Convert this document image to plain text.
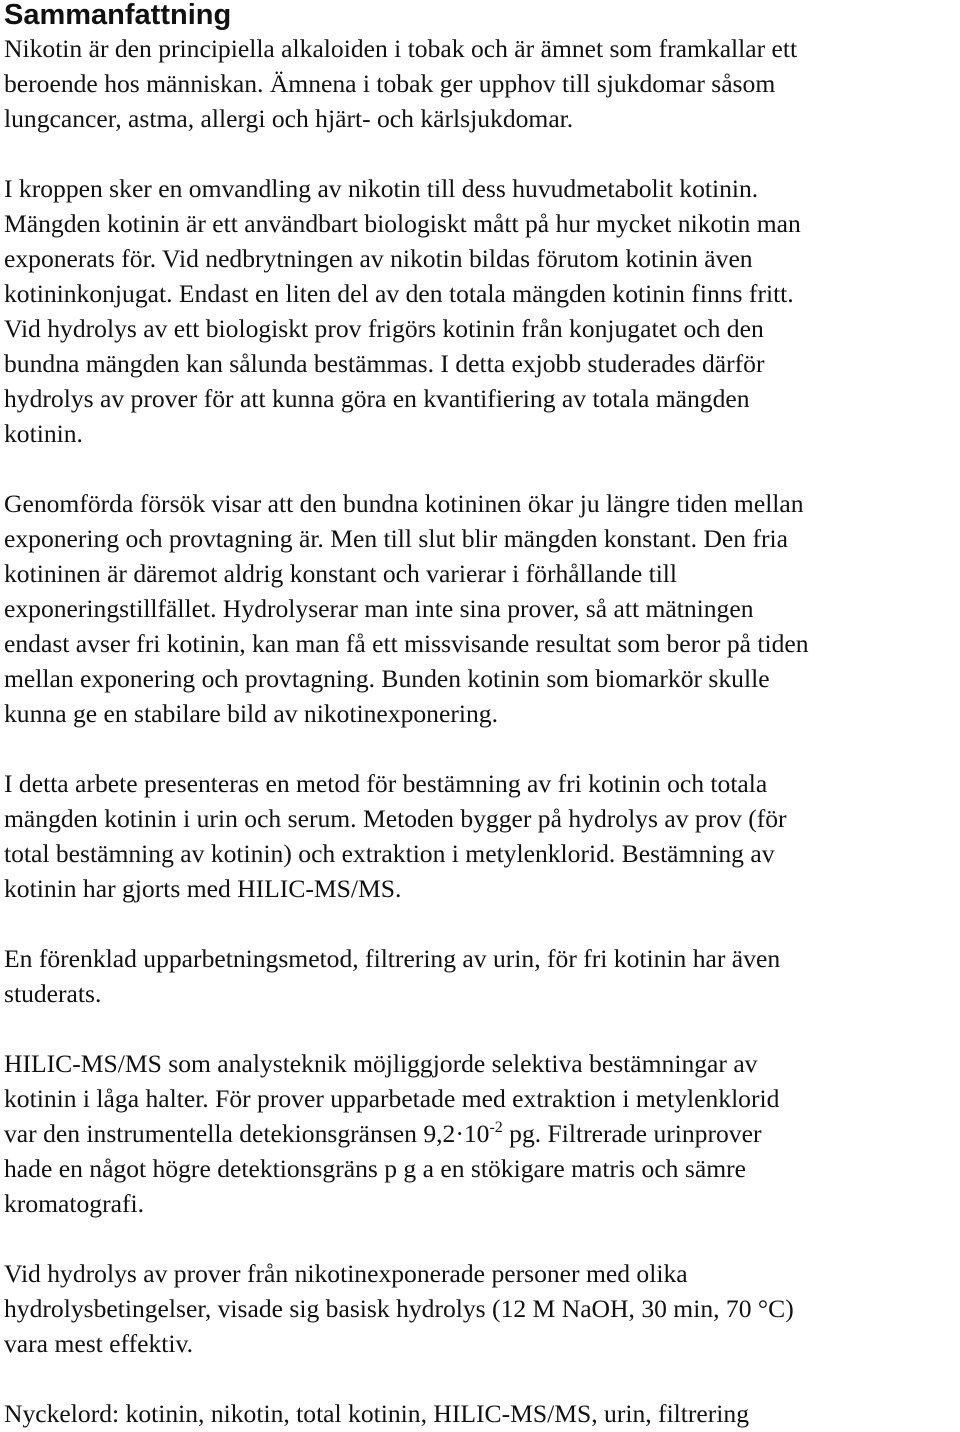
Sammanfattning

Nikotin är den principiella alkaloiden i tobak och är ämnet som framkallar ett
beroende hos människan. Ämnena i tobak ger upphov till sjukdomar såsom
lungcancer, astma, allergi och hjärt- och kärlsjukdomar.

I kroppen sker en omvandling av nikotin till dess huvudmetabolit kotinin.
Mängden kotinin är ett användbart biologiskt mått på hur mycket nikotin man
exponerats för. Vid nedbrytningen av nikotin bildas förutom kotinin även
kotininkonjugat. Endast en liten del av den totala mängden kotinin finns fritt.
Vid hydrolys av ett biologiskt prov frigörs kotinin från konjugatet och den
bundna mängden kan sålunda bestämmas. I detta exjobb studerades därför
hydrolys av prover för att kunna göra en kvantifiering av totala mängden
kotinin.

Genomförda försök visar att den bundna kotininen ökar ju längre tiden mellan
exponering och provtagning är. Men till slut blir mängden konstant. Den fria
kotininen är däremot aldrig konstant och varierar i förhållande till
exponeringstillfället. Hydrolyserar man inte sina prover, så att mätningen
endast avser fri kotinin, kan man få ett missvisande resultat som beror på tiden
mellan exponering och provtagning. Bunden kotinin som biomarkör skulle
kunna ge en stabilare bild av nikotinexponering.

I detta arbete presenteras en metod för bestämning av fri kotinin och totala
mängden kotinin i urin och serum. Metoden bygger på hydrolys av prov (för
total bestämning av kotinin) och extraktion i metylenklorid. Bestämning av
kotinin har gjorts med HILIC-MS/MS.

En förenklad upparbetningsmetod, filtrering av urin, för fri kotinin har även
studerats.

HILIC-MS/MS som analysteknik möjliggjorde selektiva bestämningar av
kotinin i låga halter. För prover upparbetade med extraktion i metylenklorid
var den instrumentella detekionsgränsen $9,2\cdot 10^{-2}$ pg. Filtrerade urinprover
hade en något högre detektionsgräns p g a en stökigare matris och sämre
kromatografi.

Vid hydrolys av prover från nikotinexponerade personer med olika
hydrolysbetingelser, visade sig basisk hydrolys (12 M NaOH, 30 min, 70 °C)
vara mest effektiv.

Nyckelord: kotinin, nikotin, total kotinin, HILIC-MS/MS, urin, filtrering
